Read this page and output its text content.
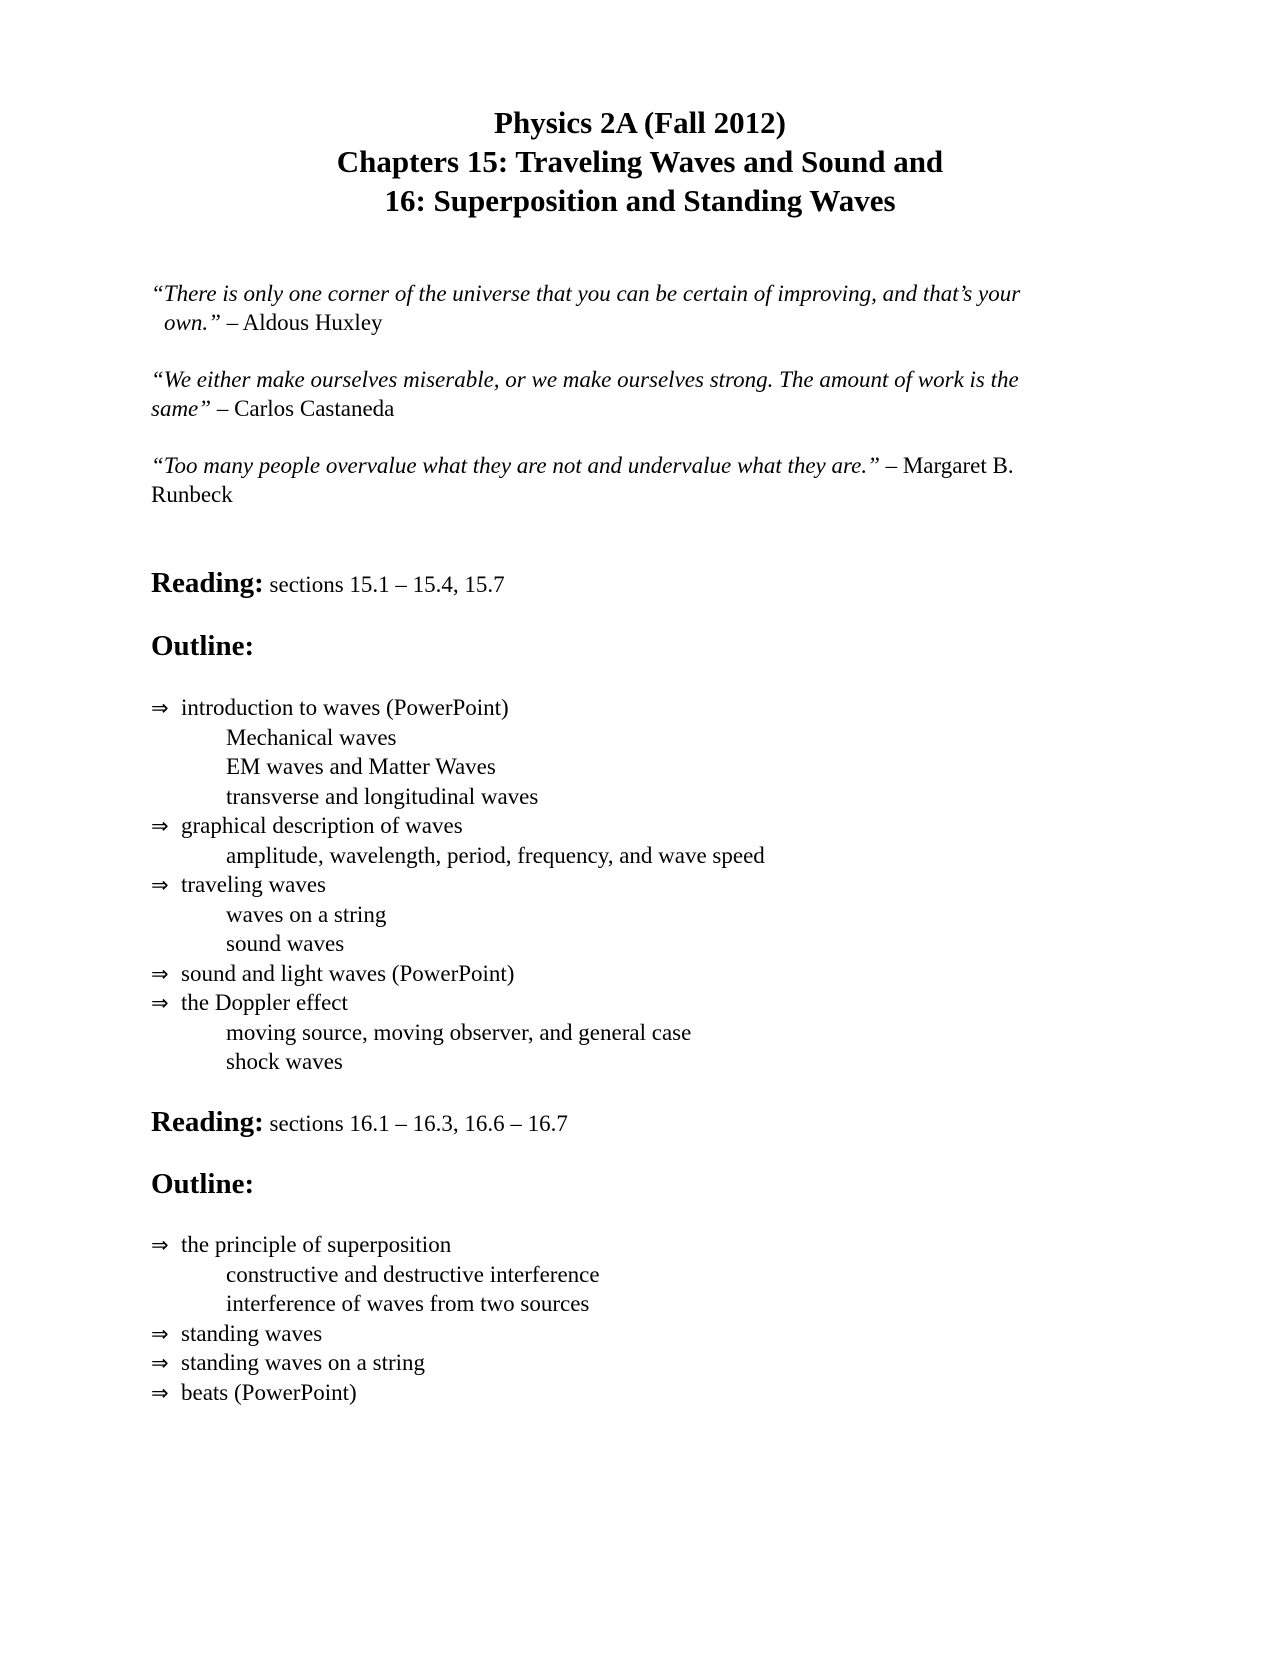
Physics 2A (Fall 2012)
Chapters 15: Traveling Waves and Sound and
16: Superposition and Standing Waves
“There is only one corner of the universe that you can be certain of improving, and that’s your
own.” – Aldous Huxley
“We either make ourselves miserable, or we make ourselves strong. The amount of work is the
same” – Carlos Castaneda
“Too many people overvalue what they are not and undervalue what they are.” – Margaret B.
Runbeck
Reading: sections 15.1 – 15.4, 15.7
Outline:
⇒ introduction to waves (PowerPoint)
Mechanical waves
EM waves and Matter Waves
transverse and longitudinal waves
⇒ graphical description of waves
amplitude, wavelength, period, frequency, and wave speed
⇒ traveling waves
waves on a string
sound waves
⇒ sound and light waves (PowerPoint)
⇒ the Doppler effect
moving source, moving observer, and general case
shock waves
Reading: sections 16.1 – 16.3, 16.6 – 16.7
Outline:
⇒ the principle of superposition
constructive and destructive interference
interference of waves from two sources
⇒ standing waves
⇒ standing waves on a string
⇒ beats (PowerPoint)
